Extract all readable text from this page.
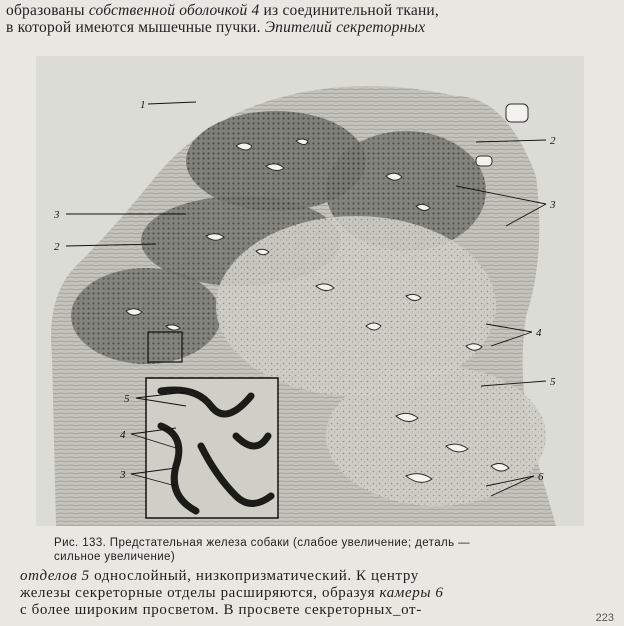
образованы собственной оболочкой 4 из соединительной ткани,
в которой имеются мышечные пучки. Эпителий секреторных
1
2
3
3
2
4
5
5
4
3	6
Рис. 133. Предстательная железа собаки (слабое увеличение; деталь —
сильное увеличение)
отделов 5 однослойный, низкопризматический. К центру
железы секреторные отделы расширяются, образуя камеры 6
с более широким просветом. В просвете секреторных_от-	223
